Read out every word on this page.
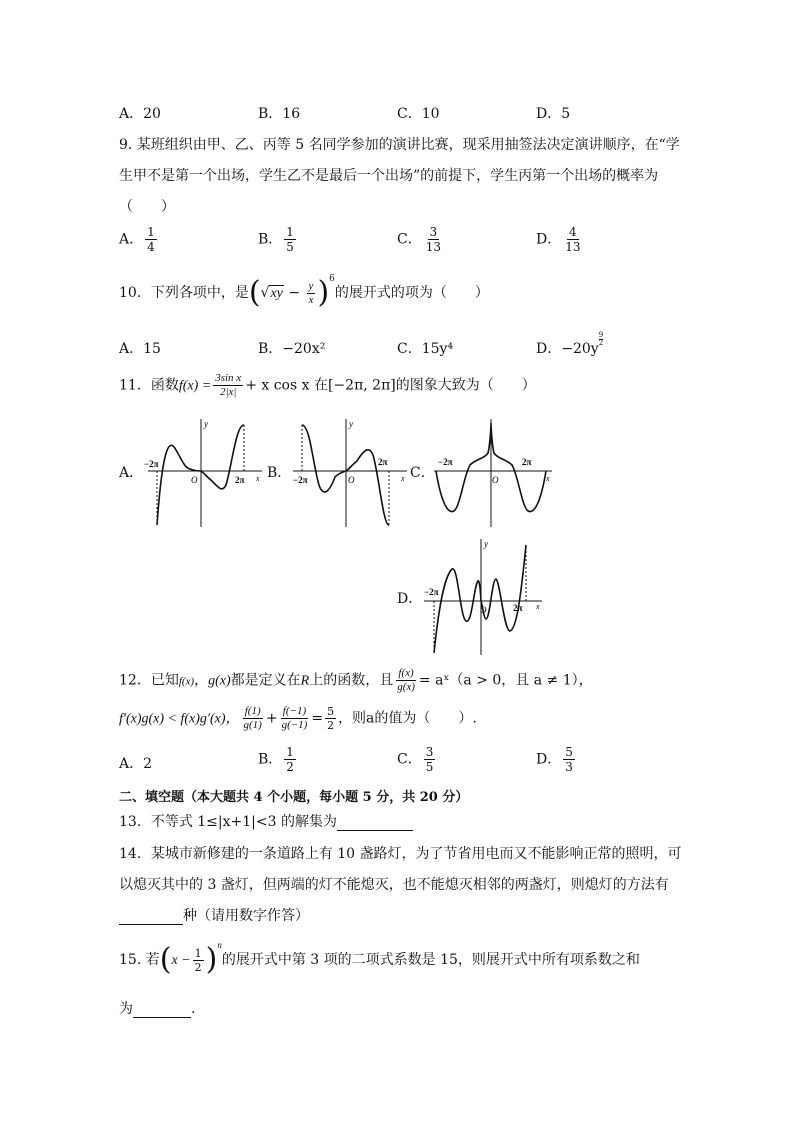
A．20	B．16	C．10	D．5
9. 某班组织由甲、乙、丙等 5 名同学参加的演讲比赛，现采用抽签法决定演讲顺序，在“学
生甲不是第一个出场，学生乙不是最后一个出场”的前提下，学生丙第一个出场的概率为
（　　）
A． $\frac{1}{4}$	B． $\frac{1}{5}$	C． $\frac{3}{13}$	D． $\frac{4}{13}$
10．下列各项中，是$(√xy - \frac{y}{x} )^6$的展开式的项为（　　）
A．15	B．−20x²	C．15y⁴	D．−20y
$\frac{9}{2}$
11．函数$f(x) = \frac{\text{3sin x}}{2|x|} + x$ cos x 在[−2π, 2π]的图象大致为（　　）
A．	B．	C．
D．
y
x
O
−2π
2π
y
x
O
−2π
2π
x
O
−2π	2π
y
x
O
−2π
2π
12．已知f(x)，g(x)都是定义在R上的函数，且 $\frac{f(x)}{g(x)}$ = aˣ（a > 0，且 a ≠ 1），
f′(x)g(x) < f(x)g′(x)， $\frac{f(1)}{g(1)} + \frac{f(-1)}{g(-1)} = \frac{5}{2}$ ，则a的值为（　　）.
A．2	B． $\frac{1}{2}$	C． $\frac{3}{5}$	D． $\frac{5}{3}$
二、填空题（本大题共 4 个小题，每小题 5 分，共 20 分）
13．不等式 1≤|x+1|<3 的解集为
14．某城市新修建的一条道路上有 10 盏路灯，为了节省用电而又不能影响正常的照明，可
以熄灭其中的 3 盏灯，但两端的灯不能熄灭，也不能熄灭相邻的两盏灯，则熄灯的方法有
种（请用数字作答）
15. 若$(x - \frac{1}{2} )^n$的展开式中第 3 项的二项式系数是 15，则展开式中所有项系数之和
为	.
